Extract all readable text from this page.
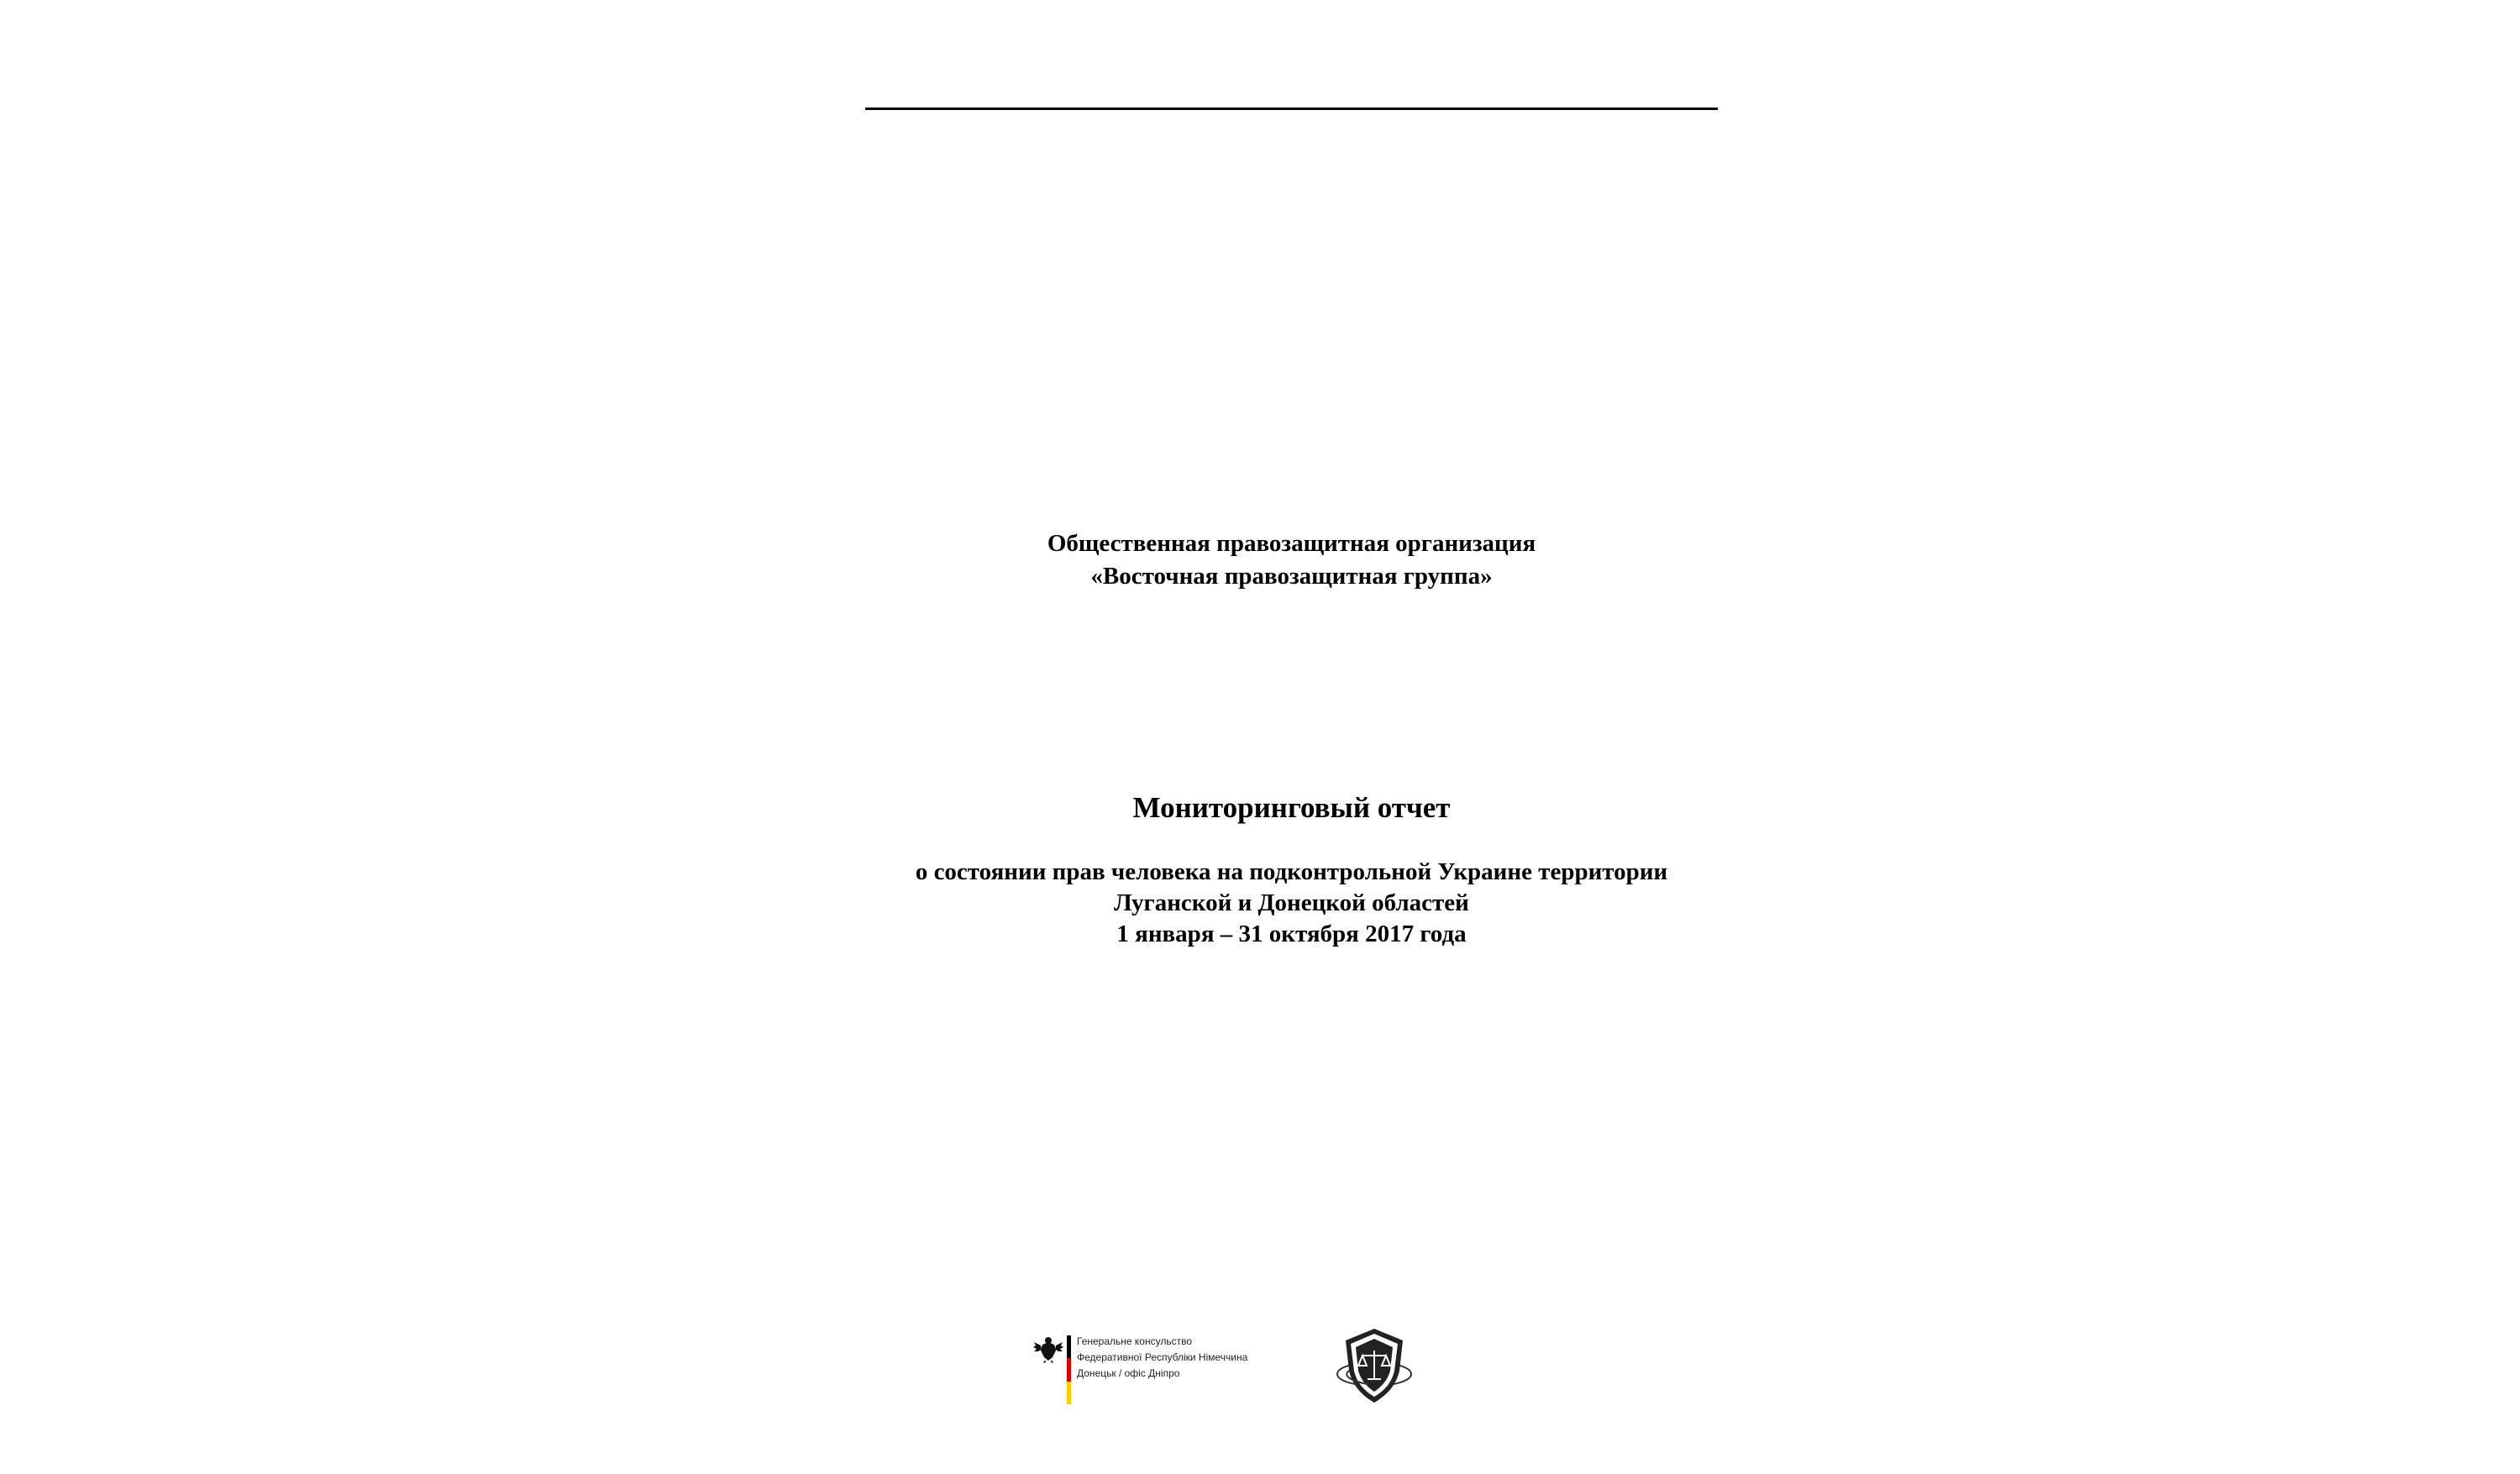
Общественная правозащитная организация
«Восточная правозащитная группа»
Мониторинговый отчет
о состоянии прав человека на подконтрольной Украине территории
Луганской и Донецкой областей
1 января – 31 октября 2017 года
Генеральне консульство
Федеративної Республіки Німеччина
Донецьк / офіс Дніпро
